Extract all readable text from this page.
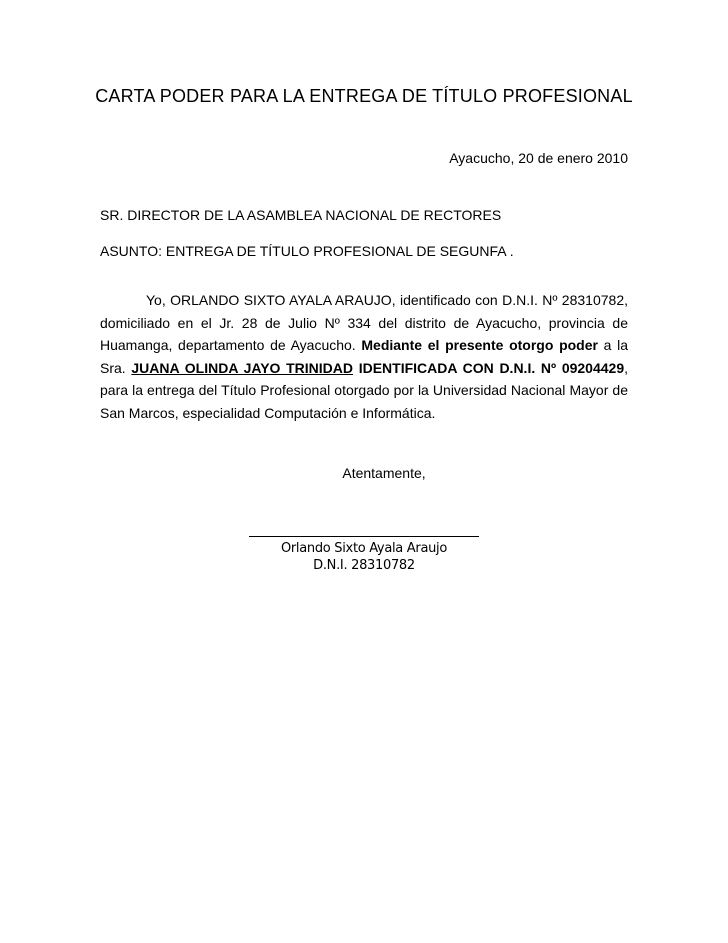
CARTA PODER PARA LA ENTREGA DE TÍTULO PROFESIONAL
Ayacucho, 20 de enero 2010
SR. DIRECTOR DE LA ASAMBLEA NACIONAL DE RECTORES
ASUNTO: ENTREGA DE TÍTULO PROFESIONAL DE SEGUNFA .

Yo, ORLANDO SIXTO AYALA ARAUJO, identificado con D.N.I. Nº 28310782, domiciliado en el Jr. 28 de Julio Nº 334 del distrito de Ayacucho, provincia de Huamanga, departamento de Ayacucho. Mediante el presente otorgo poder a la Sra. JUANA OLINDA JAYO TRINIDAD IDENTIFICADA CON D.N.I. Nº 09204429, para la entrega del Título Profesional otorgado por la Universidad Nacional Mayor de San Marcos, especialidad Computación e Informática.

Atentamente,
Orlando Sixto Ayala Araujo
D.N.I. 28310782
